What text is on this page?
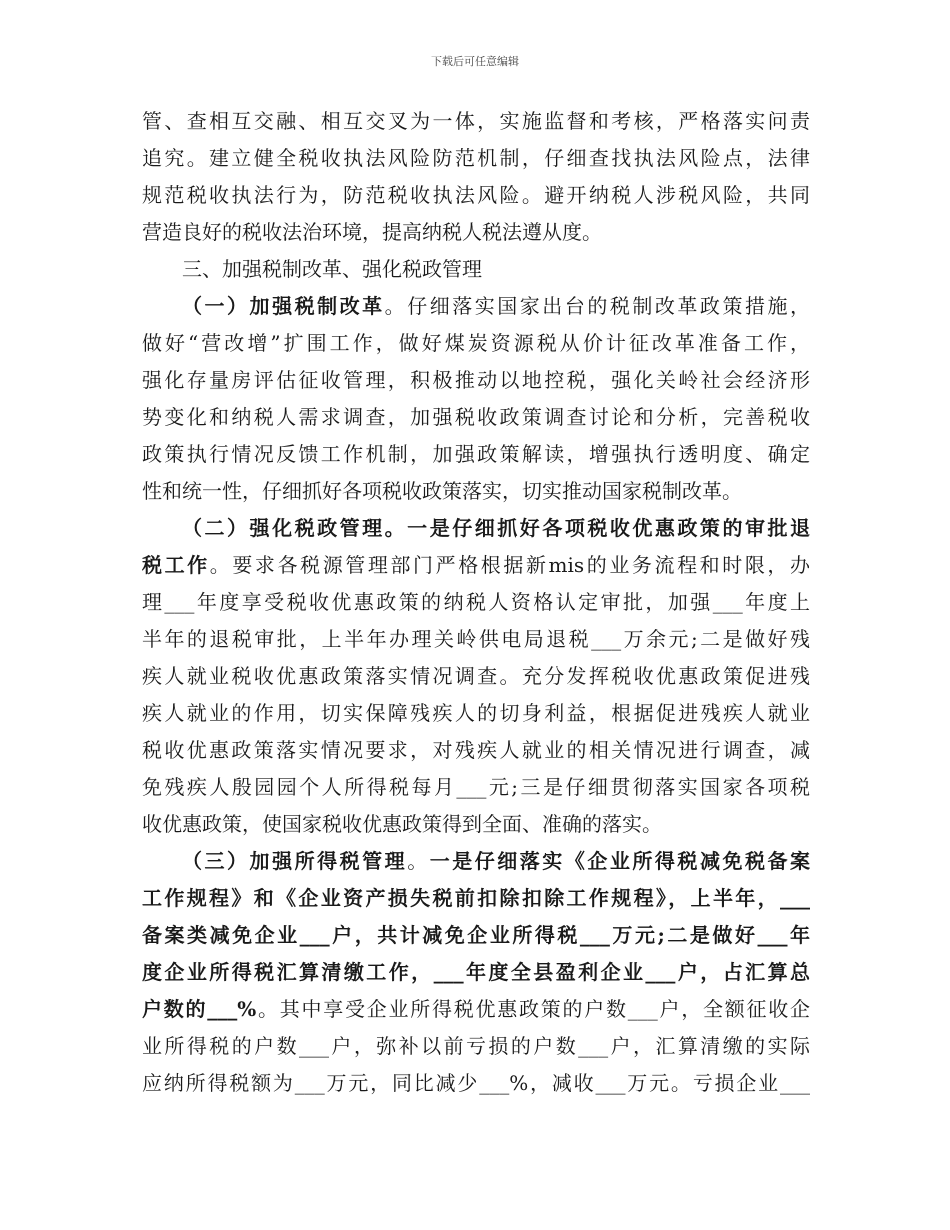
下载后可任意编辑
管、查相互交融、相互交叉为一体，实施监督和考核，严格落实问责
追究。建立健全税收执法风险防范机制，仔细查找执法风险点，法律
规范税收执法行为，防范税收执法风险。避开纳税人涉税风险，共同
营造良好的税收法治环境，提高纳税人税法遵从度。
三、加强税制改革、强化税政管理
（一）加强税制改革。仔细落实国家出台的税制改革政策措施，
做好“营改增”扩围工作，做好煤炭资源税从价计征改革准备工作，
强化存量房评估征收管理，积极推动以地控税，强化关岭社会经济形
势变化和纳税人需求调查，加强税收政策调查讨论和分析，完善税收
政策执行情况反馈工作机制，加强政策解读，增强执行透明度、确定
性和统一性，仔细抓好各项税收政策落实，切实推动国家税制改革。
（二）强化税政管理。一是仔细抓好各项税收优惠政策的审批退
税工作。要求各税源管理部门严格根据新mis的业务流程和时限，办
理___年度享受税收优惠政策的纳税人资格认定审批，加强___年度上
半年的退税审批，上半年办理关岭供电局退税___万余元;二是做好残
疾人就业税收优惠政策落实情况调查。充分发挥税收优惠政策促进残
疾人就业的作用，切实保障残疾人的切身利益，根据促进残疾人就业
税收优惠政策落实情况要求，对残疾人就业的相关情况进行调查，减
免残疾人殷园园个人所得税每月___元;三是仔细贯彻落实国家各项税
收优惠政策，使国家税收优惠政策得到全面、准确的落实。
（三）加强所得税管理。一是仔细落实《企业所得税减免税备案
工作规程》和《企业资产损失税前扣除扣除工作规程》，上半年，___
备案类减免企业___户，共计减免企业所得税___万元;二是做好___年
度企业所得税汇算清缴工作，___年度全县盈利企业___户，占汇算总
户数的___%。其中享受企业所得税优惠政策的户数___户，全额征收企
业所得税的户数___户，弥补以前亏损的户数___户，汇算清缴的实际
应纳所得税额为___万元，同比减少___%，减收___万元。亏损企业___
